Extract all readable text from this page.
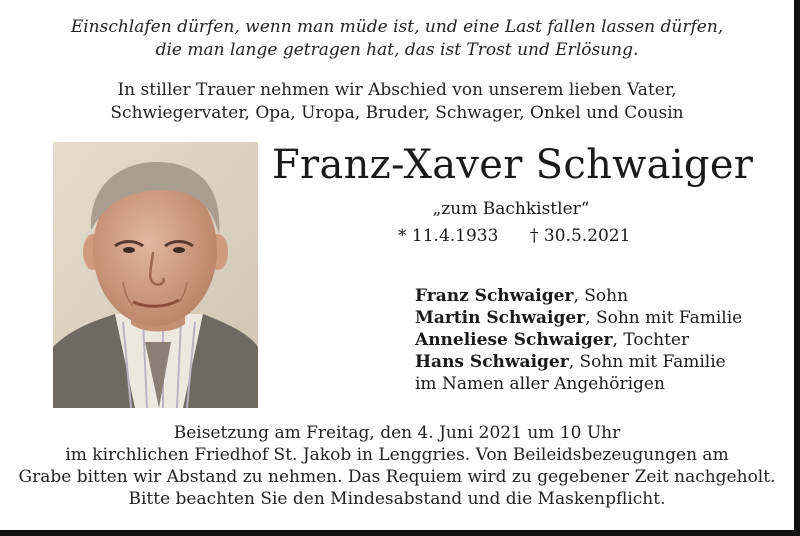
Einschlafen dürfen, wenn man müde ist, und eine Last fallen lassen dürfen,
die man lange getragen hat, das ist Trost und Erlösung.
In stiller Trauer nehmen wir Abschied von unserem lieben Vater,
Schwiegervater, Opa, Uropa, Bruder, Schwager, Onkel und Cousin
Franz-Xaver Schwaiger
„zum Bachkistler“
* 11.4.1933 † 30.5.2021
Franz Schwaiger, Sohn
Martin Schwaiger, Sohn mit Familie
Anneliese Schwaiger, Tochter
Hans Schwaiger, Sohn mit Familie
im Namen aller Angehörigen
Beisetzung am Freitag, den 4. Juni 2021 um 10 Uhr
im kirchlichen Friedhof St. Jakob in Lenggries. Von Beileidsbezeugungen am
Grabe bitten wir Abstand zu nehmen. Das Requiem wird zu gegebener Zeit nachgeholt.
Bitte beachten Sie den Mindesabstand und die Maskenpflicht.
